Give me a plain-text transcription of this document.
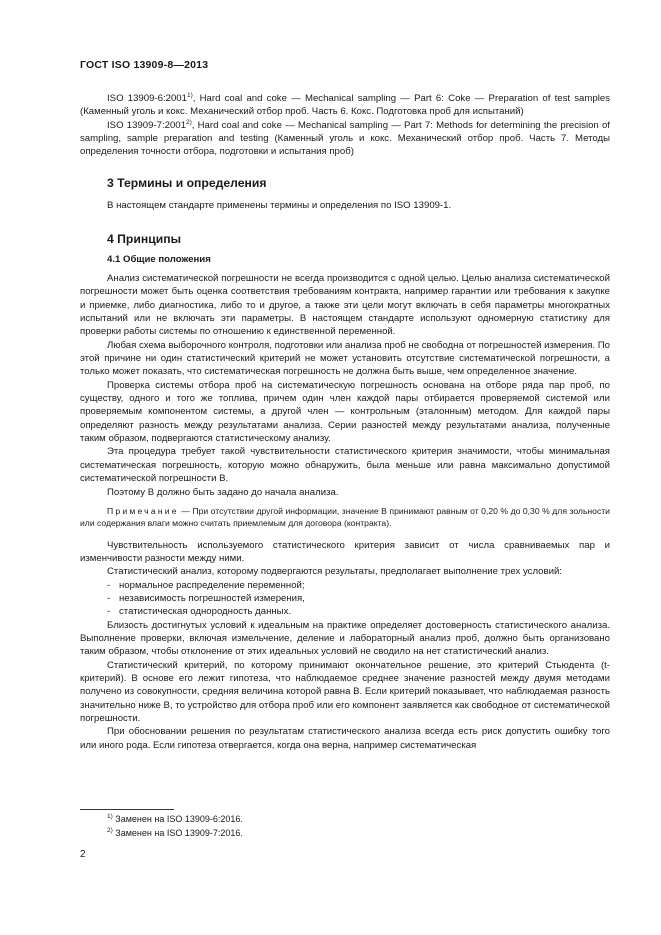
ГОСТ ISO 13909-8—2013

ISO 13909-6:2001$^{1)}$, Hard coal and coke — Mechanical sampling — Part 6: Coke — Preparation of test samples (Каменный уголь и кокс. Механический отбор проб. Часть 6. Кокс. Подготовка проб для испытаний)

ISO 13909-7:2001$^{2)}$, Hard coal and coke — Mechanical sampling — Part 7: Methods for determining the precision of sampling, sample preparation and testing (Каменный уголь и кокс. Механический отбор проб. Часть 7. Методы определения точности отбора, подготовки и испытания проб)

3 Термины и определения

В настоящем стандарте применены термины и определения по ISO 13909-1.

4 Принципы
4.1 Общие положения

Анализ систематической погрешности не всегда производится с одной целью. Целью анализа систематической погрешности может быть оценка соответствия требованиям контракта, например гарантии или требования к закупке и приемке, либо диагностика, либо то и другое, а также эти цели могут включать в себя параметры многократных испытаний или не включать эти параметры. В настоящем стандарте используют одномерную статистику для проверки работы системы по отношению к единственной переменной.

Любая схема выборочного контроля, подготовки или анализа проб не свободна от погрешностей измерения. По этой причине ни один статистический критерий не может установить отсутствие систематической погрешности, а только может показать, что систематическая погрешность не должна быть выше, чем определенное значение.

Проверка системы отбора проб на систематическую погрешность основана на отборе ряда пар проб, по существу, одного и того же топлива, причем один член каждой пары отбирается проверяемой системой или проверяемым компонентом системы, а другой член — контрольным (эталонным) методом. Для каждой пары определяют разность между результатами анализа. Серии разностей между результатами анализа, полученные таким образом, подвергаются статистическому анализу.

Эта процедура требует такой чувствительности статистического критерия значимости, чтобы минимальная систематическая погрешность, которую можно обнаружить, была меньше или равна максимально допустимой систематической погрешности B.

Поэтому B должно быть задано до начала анализа.

Примечание — При отсутствии другой информации, значение B принимают равным от 0,20 % до 0,30 % для зольности или содержания влаги можно считать приемлемым для договора (контракта).

Чувствительность используемого статистического критерия зависит от числа сравниваемых пар и изменчивости разности между ними.

Статистический анализ, которому подвергаются результаты, предполагает выполнение трех условий:

- нормальное распределение переменной;
- независимость погрешностей измерения,
- статистическая однородность данных.

Близость достигнутых условий к идеальным на практике определяет достоверность статистического анализа. Выполнение проверки, включая измельчение, деление и лабораторный анализ проб, должно быть организовано таким образом, чтобы отклонение от этих идеальных условий не сводило на нет статистический анализ.

Статистический критерий, по которому принимают окончательное решение, это критерий Стьюдента (t-критерий). В основе его лежит гипотеза, что наблюдаемое среднее значение разностей между двумя методами получено из совокупности, средняя величина которой равна B. Если критерий показывает, что наблюдаемая разность значительно ниже B, то устройство для отбора проб или его компонент заявляется как свободное от систематической погрешности.

При обосновании решения по результатам статистического анализа всегда есть риск допустить ошибку того или иного рода. Если гипотеза отвергается, когда она верна, например систематическая

$^{1)}$ Заменен на ISO 13909-6:2016.
$^{2)}$ Заменен на ISO 13909-7:2016.
2
